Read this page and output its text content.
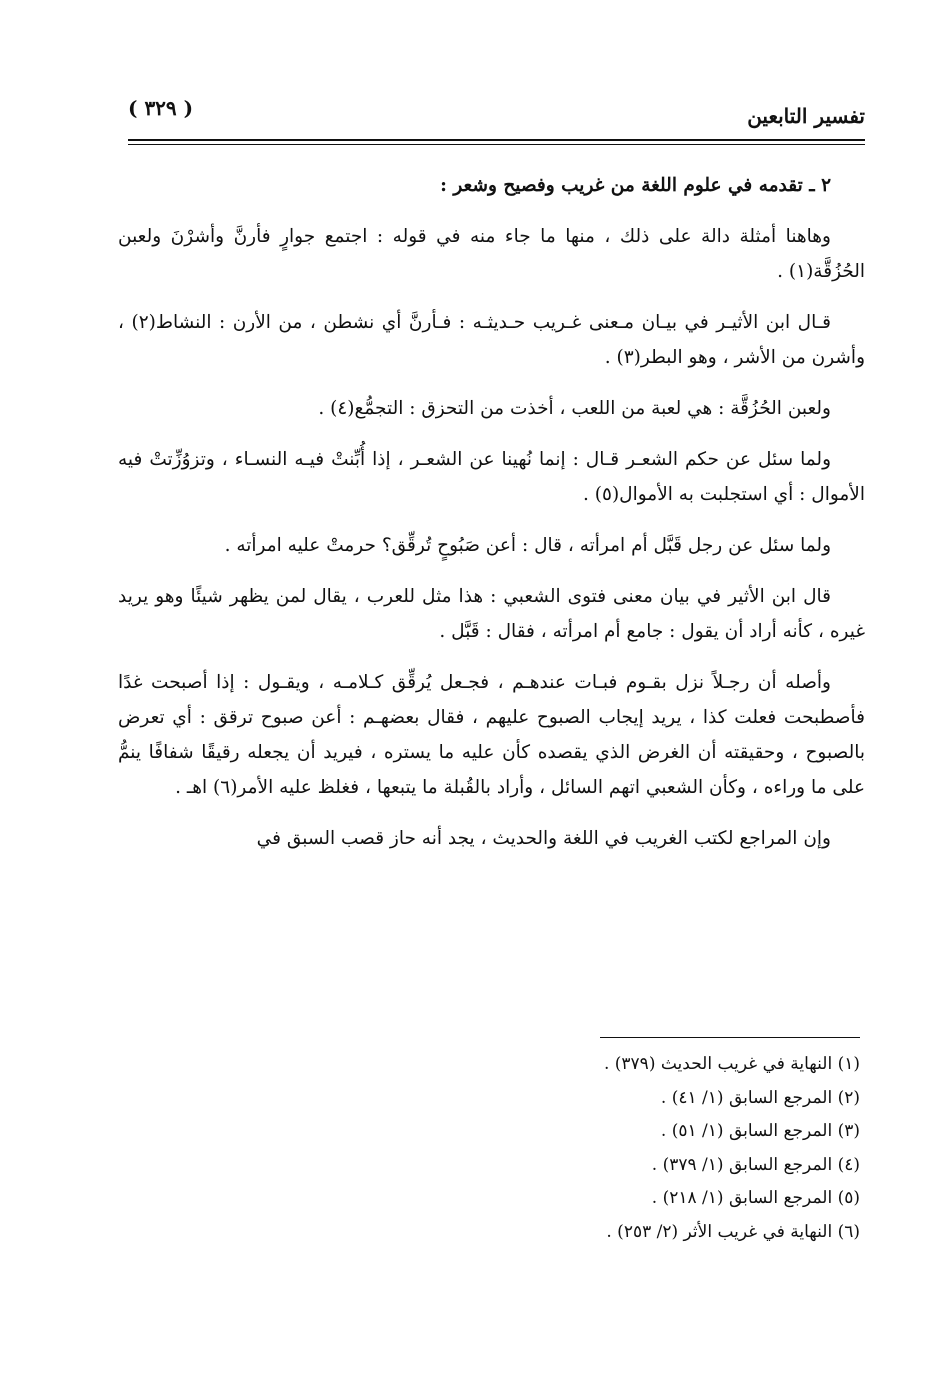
تفسير التابعين
( ٣٢٩ )

٢ ـ تقدمه في علوم اللغة من غريب وفصيح وشعر :

وهاهنا أمثلة دالة على ذلك ، منها ما جاء منه في قوله : اجتمع جوارٍ فأرنَّ وأشرْنَ ولعبن الحُزُقَّة(١) .

قـال ابن الأثيـر في بيـان مـعنى غـريب حـديثـه : فـأرنَّ أي نشطن ، من الأرن : النشاط(٢) ، وأشرن من الأشر ، وهو البطر(٣) .

ولعبن الحُزُقَّة : هي لعبة من اللعب ، أخذت من التحزق : التجمُّع(٤) .

ولما سئل عن حكم الشعـر قـال : إنما نُهينا عن الشعـر ، إذا أُبِّنتْ فيـه النسـاء ، وتزوُزِّتتْ فيه الأموال : أي استجلبت به الأموال(٥) .

ولما سئل عن رجل قَبَّل أم امرأته ، قال : أعن صَبُوحٍ تُرقِّق؟ حرمتْ عليه امرأته .

قال ابن الأثير في بيان معنى فتوى الشعبي : هذا مثل للعرب ، يقال لمن يظهر شيئًا وهو يريد غيره ، كأنه أراد أن يقول : جامع أم امرأته ، فقال : قَبَّل .

وأصله أن رجـلاً نزل بقـوم فبـات عندهـم ، فجـعل يُرقِّق كـلامـه ، ويقـول : إذا أصبحت غدًا فأصطبحت فعلت كذا ، يريد إيجاب الصبوح عليهم ، فقال بعضهـم : أعن صبوح ترقق : أي تعرض بالصبوح ، وحقيقته أن الغرض الذي يقصده كأن عليه ما يستره ، فيريد أن يجعله رقيقًا شفافًا ينمُّ على ما وراءه ، وكأن الشعبي اتهم السائل ، وأراد بالقُبلة ما يتبعها ، فغلظ عليه الأمر(٦) اهـ .

وإن المراجع لكتب الغريب في اللغة والحديث ، يجد أنه حاز قصب السبق في

(١) النهاية في غريب الحديث (٣٧٩) .
(٢) المرجع السابق (١/ ٤١) .
(٣) المرجع السابق (١/ ٥١) .
(٤) المرجع السابق (١/ ٣٧٩) .
(٥) المرجع السابق (١/ ٢١٨) .
(٦) النهاية في غريب الأثر (٢/ ٢٥٣) .
